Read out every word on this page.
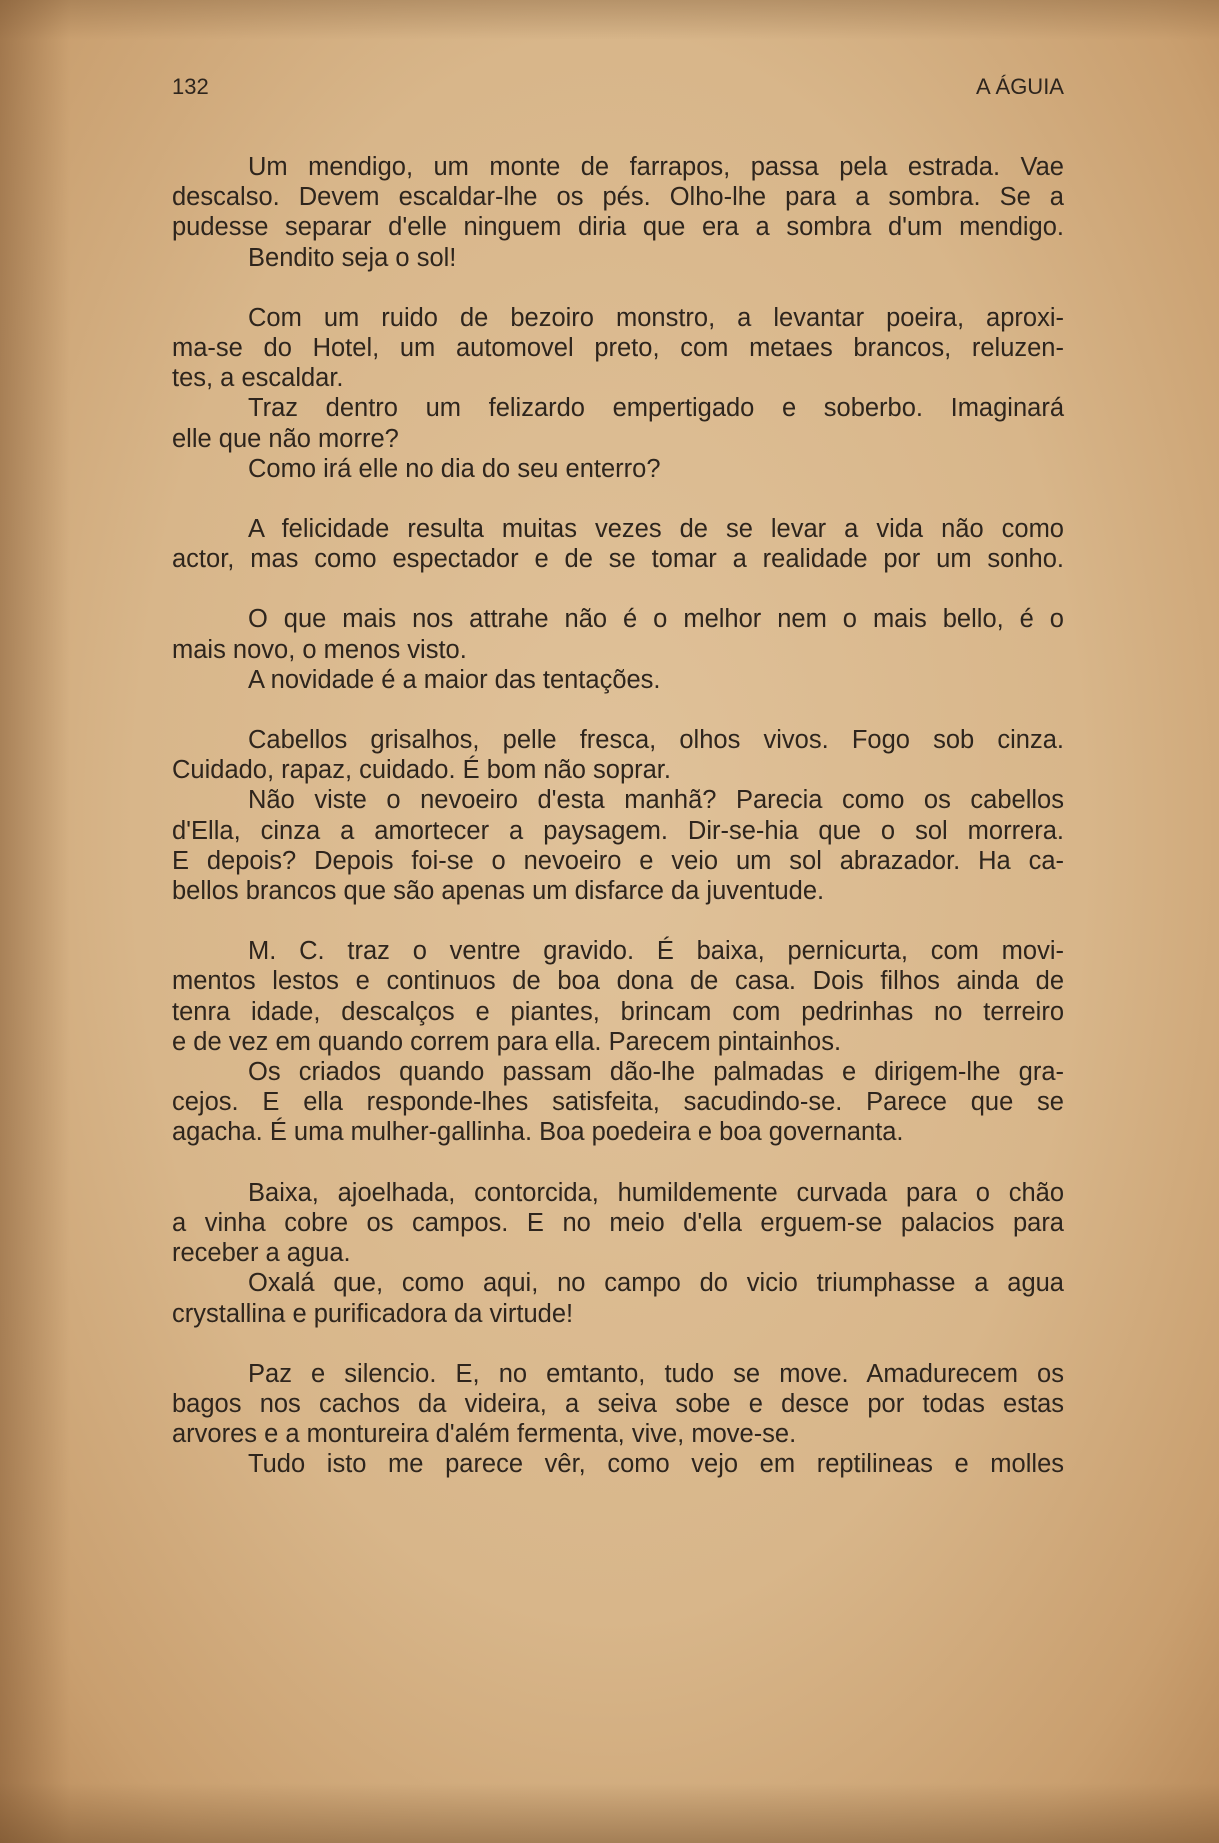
132	A ÁGUIA
Um mendigo, um monte de farrapos, passa pela estrada. Vae
descalso. Devem escaldar-lhe os pés. Olho-lhe para a sombra. Se a
pudesse separar d'elle ninguem diria que era a sombra d'um mendigo.
Bendito seja o sol!
Com um ruido de bezoiro monstro, a levantar poeira, aproxi-
ma-se do Hotel, um automovel preto, com metaes brancos, reluzen-
tes, a escaldar.
Traz dentro um felizardo empertigado e soberbo. Imaginará
elle que não morre?
Como irá elle no dia do seu enterro?
A felicidade resulta muitas vezes de se levar a vida não como
actor, mas como espectador e de se tomar a realidade por um sonho.
O que mais nos attrahe não é o melhor nem o mais bello, é o
mais novo, o menos visto.
A novidade é a maior das tentações.
Cabellos grisalhos, pelle fresca, olhos vivos. Fogo sob cinza.
Cuidado, rapaz, cuidado. É bom não soprar.
Não viste o nevoeiro d'esta manhã? Parecia como os cabellos
d'Ella, cinza a amortecer a paysagem. Dir-se-hia que o sol morrera.
E depois? Depois foi-se o nevoeiro e veio um sol abrazador. Ha ca-
bellos brancos que são apenas um disfarce da juventude.
M. C. traz o ventre gravido. É baixa, pernicurta, com movi-
mentos lestos e continuos de boa dona de casa. Dois filhos ainda de
tenra idade, descalços e piantes, brincam com pedrinhas no terreiro
e de vez em quando correm para ella. Parecem pintainhos.
Os criados quando passam dão-lhe palmadas e dirigem-lhe gra-
cejos. E ella responde-lhes satisfeita, sacudindo-se. Parece que se
agacha. É uma mulher-gallinha. Boa poedeira e boa governanta.
Baixa, ajoelhada, contorcida, humildemente curvada para o chão
a vinha cobre os campos. E no meio d'ella erguem-se palacios para
receber a agua.
Oxalá que, como aqui, no campo do vicio triumphasse a agua
crystallina e purificadora da virtude!
Paz e silencio. E, no emtanto, tudo se move. Amadurecem os
bagos nos cachos da videira, a seiva sobe e desce por todas estas
arvores e a montureira d'além fermenta, vive, move-se.
Tudo isto me parece vêr, como vejo em reptilineas e molles
